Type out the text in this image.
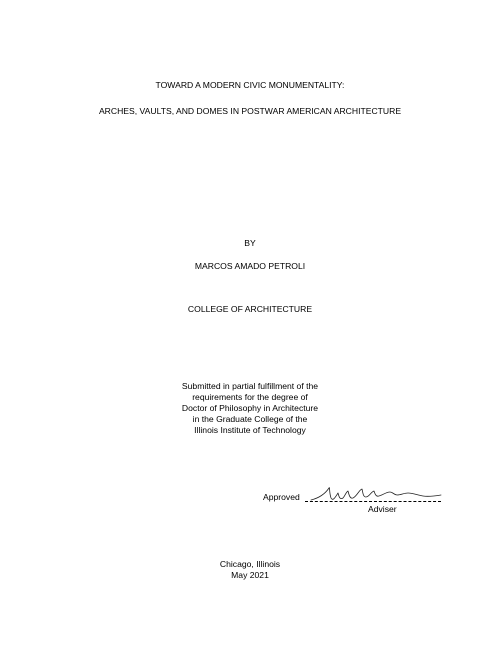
TOWARD A MODERN CIVIC MONUMENTALITY:
ARCHES, VAULTS, AND DOMES IN POSTWAR AMERICAN ARCHITECTURE
BY
MARCOS AMADO PETROLI
COLLEGE OF ARCHITECTURE
Submitted in partial fulfillment of the
requirements for the degree of
Doctor of Philosophy in Architecture
in the Graduate College of the
Illinois Institute of Technology
Approved
Adviser
Chicago, Illinois
May 2021
